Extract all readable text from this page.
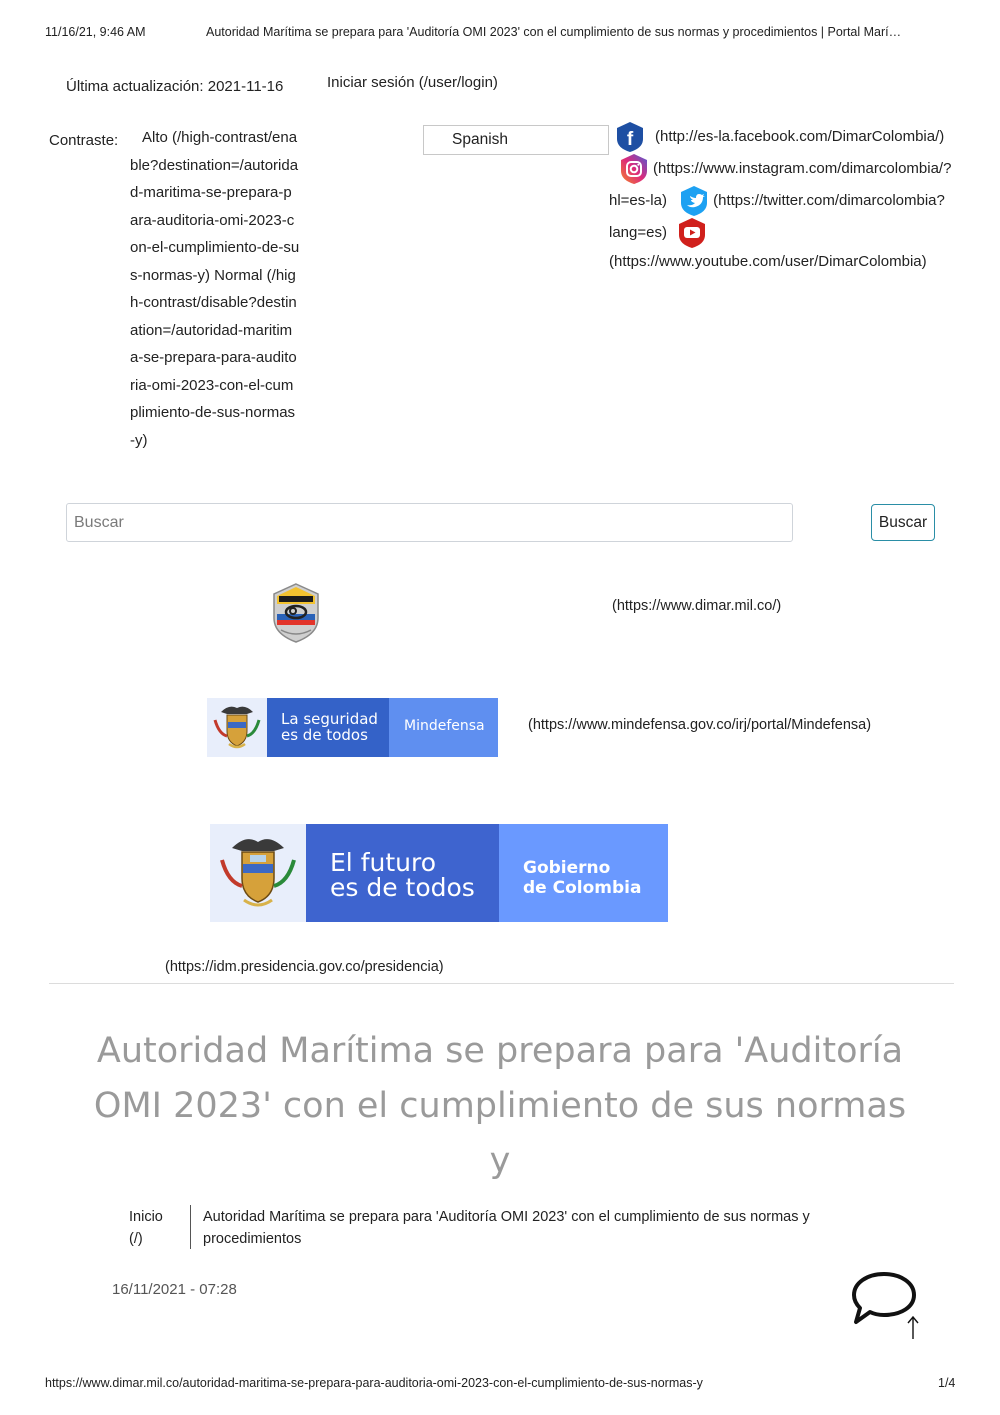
11/16/21, 9:46 AM	Autoridad Marítima se prepara para 'Auditoría OMI 2023' con el cumplimiento de sus normas y procedimientos | Portal Marí…
Última actualización: 2021-11-16	Iniciar sesión (/user/login)
Contraste:	Alto (/high-contrast/enable?destination=/autoridad-maritima-se-prepara-para-auditoria-omi-2023-con-el-cumplimiento-de-sus-normas-y) Normal (/high-contrast/disable?destination=/autoridad-maritima-se-prepara-para-auditoria-omi-2023-con-el-cumplimiento-de-sus-normas-y)
Spanish	f (http://es-la.facebook.com/DimarColombia/) (https://www.instagram.com/dimarcolombia/?hl=es-la)	(https://twitter.com/dimarcolombia?lang=es) (https://www.youtube.com/user/DimarColombia)
Buscar	Buscar
(https://www.dimar.mil.co/)
La seguridad
es de todos	Mindefensa	(https://www.mindefensa.gov.co/irj/portal/Mindefensa)
El futuro
es de todos
Gobierno
de Colombia
(https://idm.presidencia.gov.co/presidencia)
Autoridad Marítima se prepara para 'Auditoría OMI 2023' con el cumplimiento de sus normas y
Inicio (/)
Autoridad Marítima se prepara para 'Auditoría OMI 2023' con el cumplimiento de sus normas y procedimientos
16/11/2021 - 07:28
https://www.dimar.mil.co/autoridad-maritima-se-prepara-para-auditoria-omi-2023-con-el-cumplimiento-de-sus-normas-y	1/4
